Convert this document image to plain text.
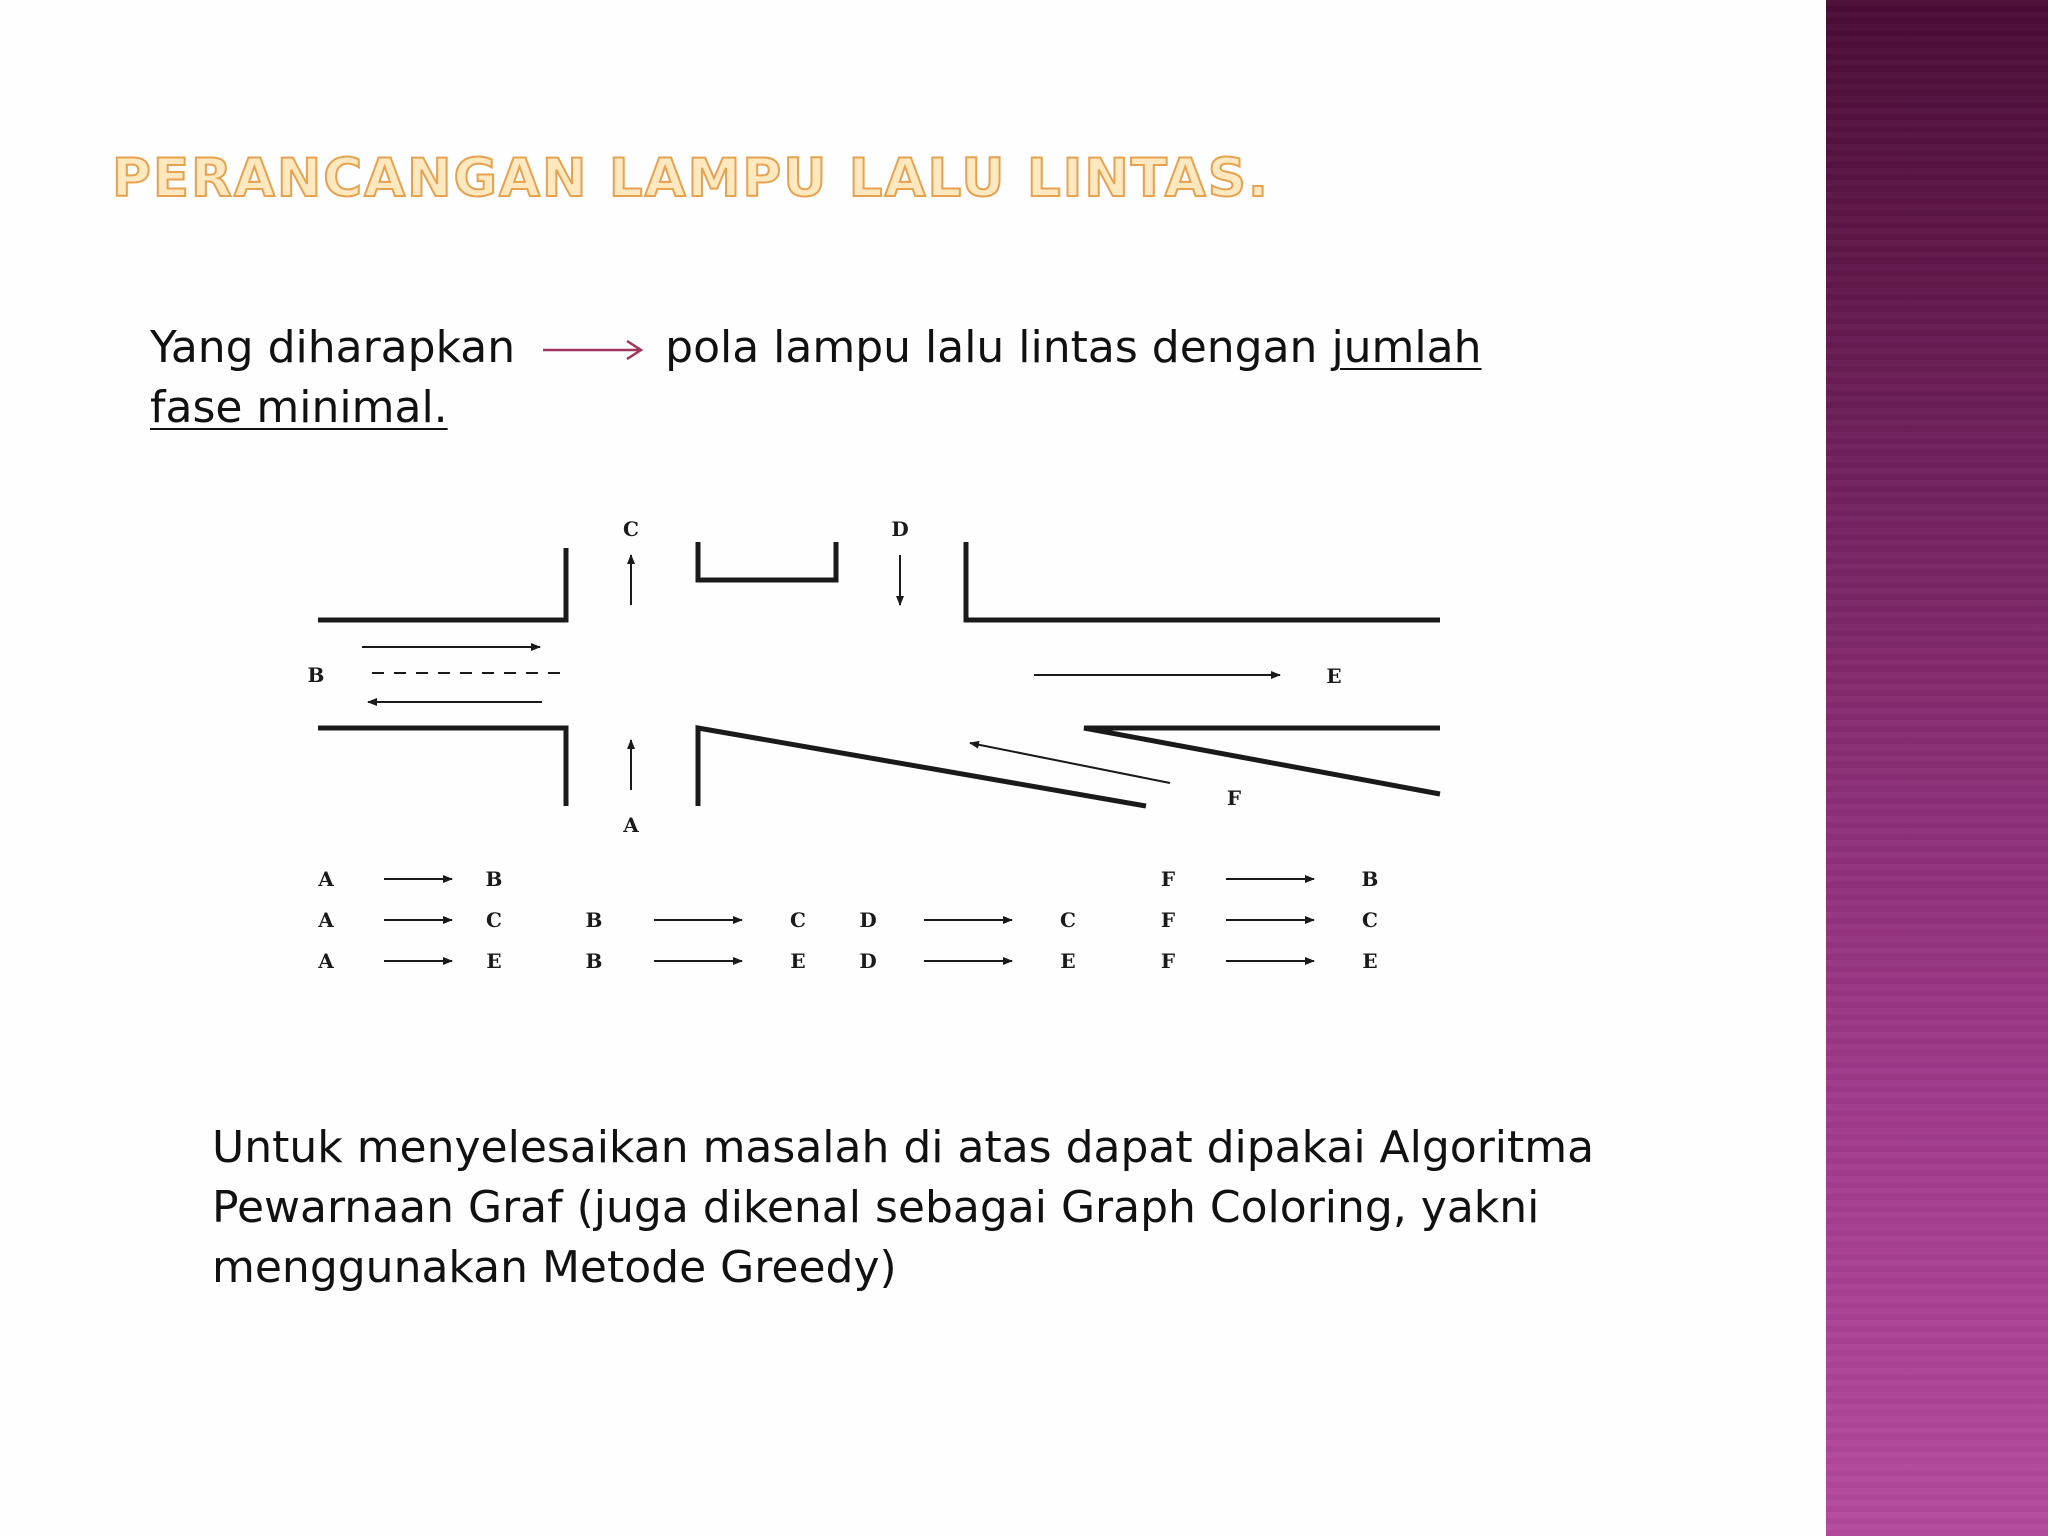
PERANCANGAN LAMPU LALU LINTAS.

Yang diharapkan	pola lampu lalu lintas dengan jumlah
fase minimal.

C	D
B	E
A
F
A	B
A	C
A	E
B	C
B	E
D	C
D	E
F	B
F	C
F	E

Untuk menyelesaikan masalah di atas dapat dipakai Algoritma Pewarnaan Graf (juga dikenal sebagai Graph Coloring, yakni menggunakan Metode Greedy)
